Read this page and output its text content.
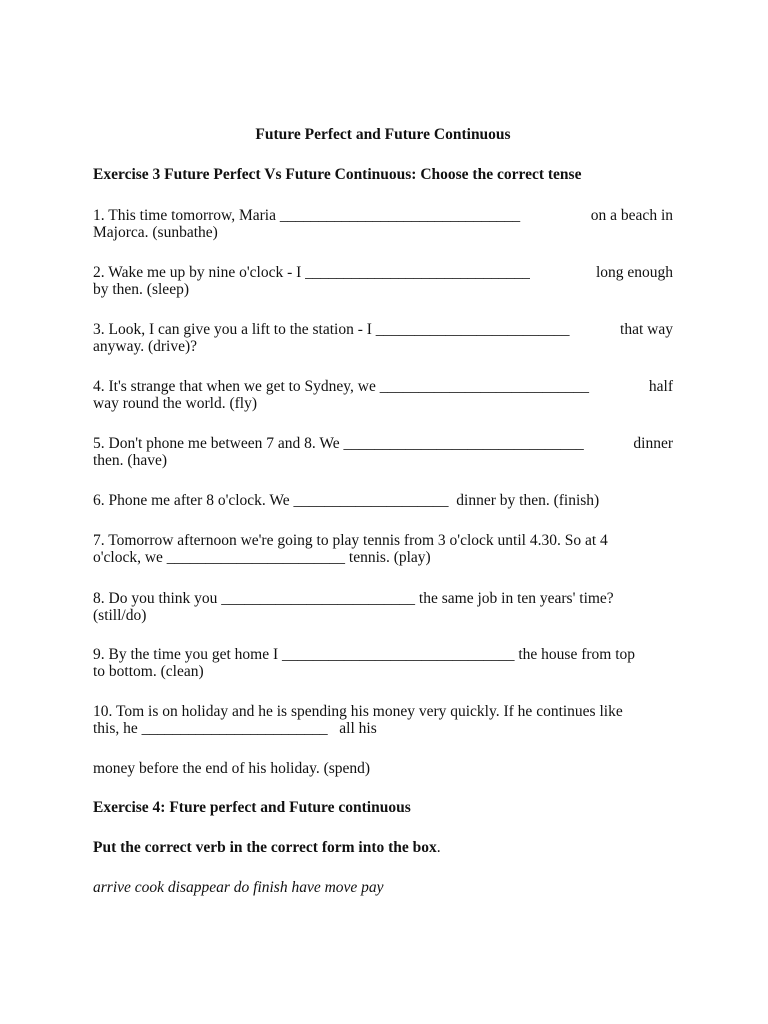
Future Perfect and Future Continuous
Exercise 3 Future Perfect Vs Future Continuous: Choose the correct tense
1. This time tomorrow, Maria _______________________________	on a beach in
Majorca. (sunbathe)
2. Wake me up by nine o'clock - I _____________________________	long enough
by then. (sleep)
3. Look, I can give you a lift to the station - I _________________________	that way
anyway. (drive)?
4. It's strange that when we get to Sydney, we ___________________________	half
way round the world. (fly)
5. Don't phone me between 7 and 8. We _______________________________	dinner
then. (have)
6. Phone me after 8 o'clock. We ____________________  dinner by then. (finish)
7. Tomorrow afternoon we're going to play tennis from 3 o'clock until 4.30. So at 4
o'clock, we _______________________ tennis. (play)
8. Do you think you _________________________ the same job in ten years' time?
(still/do)
9. By the time you get home I ______________________________ the house from top
to bottom. (clean)
10. Tom is on holiday and he is spending his money very quickly. If he continues like
this, he ________________________   all his
money before the end of his holiday. (spend)
Exercise 4: Fture perfect and Future continuous
Put the correct verb in the correct form into the box.
arrive cook disappear do finish have move pay
